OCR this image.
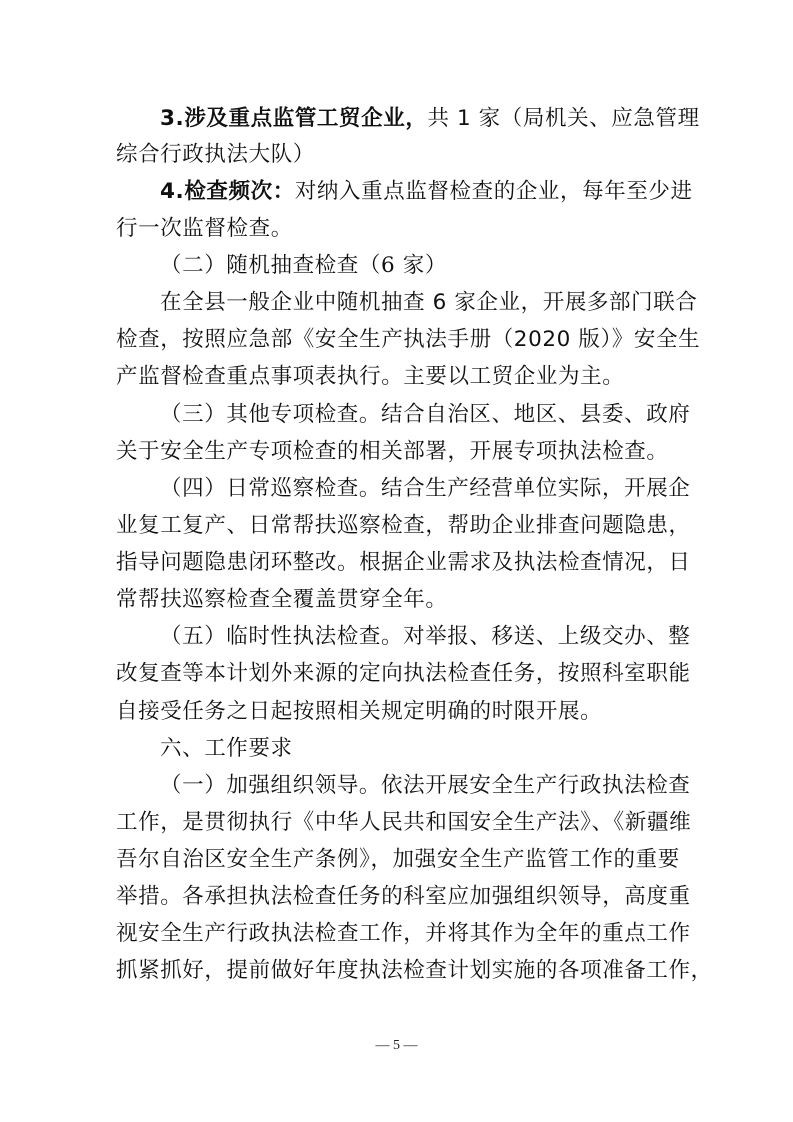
3.涉及重点监管工贸企业，共 1 家（局机关、应急管理
综合行政执法大队）
4.检查频次：对纳入重点监督检查的企业，每年至少进
行一次监督检查。
（二）随机抽查检查（6 家）
在全县一般企业中随机抽查 6 家企业，开展多部门联合
检查，按照应急部《安全生产执法手册（2020 版）》安全生
产监督检查重点事项表执行。主要以工贸企业为主。
（三）其他专项检查。结合自治区、地区、县委、政府
关于安全生产专项检查的相关部署，开展专项执法检查。
（四）日常巡察检查。结合生产经营单位实际，开展企
业复工复产、日常帮扶巡察检查，帮助企业排查问题隐患，
指导问题隐患闭环整改。根据企业需求及执法检查情况，日
常帮扶巡察检查全覆盖贯穿全年。
（五）临时性执法检查。对举报、移送、上级交办、整
改复查等本计划外来源的定向执法检查任务，按照科室职能
自接受任务之日起按照相关规定明确的时限开展。
六、工作要求
（一）加强组织领导。依法开展安全生产行政执法检查
工作，是贯彻执行《中华人民共和国安全生产法》、《新疆维
吾尔自治区安全生产条例》，加强安全生产监管工作的重要
举措。各承担执法检查任务的科室应加强组织领导，高度重
视安全生产行政执法检查工作，并将其作为全年的重点工作
抓紧抓好，提前做好年度执法检查计划实施的各项准备工作，
— 5 —
